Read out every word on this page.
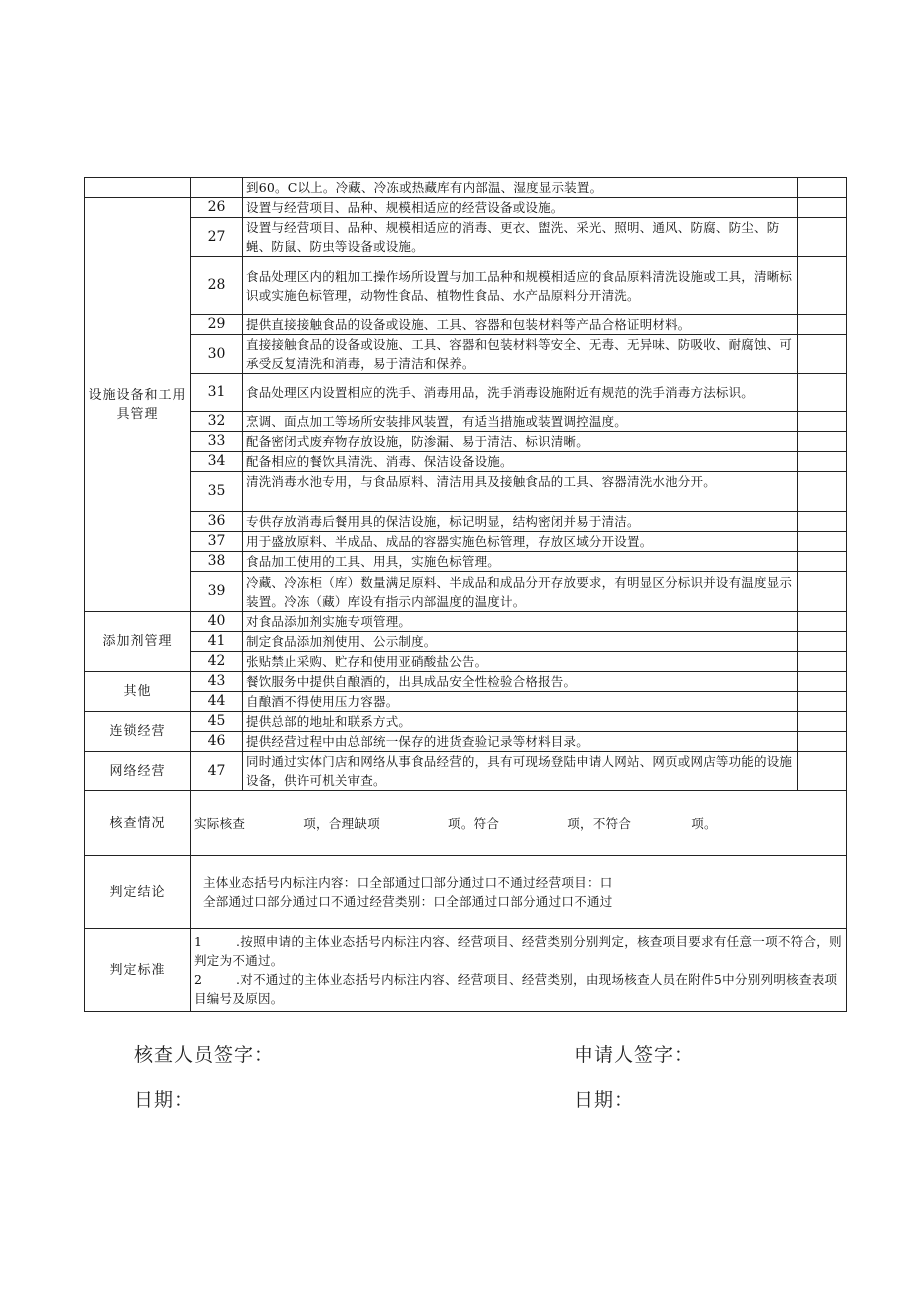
		到60。C以上。冷藏、冷冻或热藏库有内部温、湿度显示装置。	
设施设备和工用具管理	26	设置与经营项目、品种、规模相适应的经营设备或设施。	
	27	设置与经营项目、品种、规模相适应的消毒、更衣、盥洗、采光、照明、通风、防腐、防尘、防蝇、防鼠、防虫等设备或设施。	
	28	食品处理区内的粗加工操作场所设置与加工品种和规模相适应的食品原料清洗设施或工具，清晰标识或实施色标管理，动物性食品、植物性食品、水产品原料分开清洗。	
	29	提供直接接触食品的设备或设施、工具、容器和包装材料等产品合格证明材料。	
	30	直接接触食品的设备或设施、工具、容器和包装材料等安全、无毒、无异味、防吸收、耐腐蚀、可承受反复清洗和消毒，易于清洁和保养。	
	31	食品处理区内设置相应的洗手、消毒用品，洗手消毒设施附近有规范的洗手消毒方法标识。	
	32	烹调、面点加工等场所安装排风装置，有适当措施或装置调控温度。	
	33	配备密闭式废弃物存放设施，防渗漏、易于清洁、标识清晰。	
	34	配备相应的餐饮具清洗、消毒、保洁设备设施。	
	35	清洗消毒水池专用，与食品原料、清洁用具及接触食品的工具、容器清洗水池分开。	
	36	专供存放消毒后餐用具的保洁设施，标记明显，结构密闭并易于清洁。	
	37	用于盛放原料、半成品、成品的容器实施色标管理，存放区域分开设置。	
	38	食品加工使用的工具、用具，实施色标管理。	
	39	冷藏、冷冻柜（库）数量满足原料、半成品和成品分开存放要求，有明显区分标识并设有温度显示装置。冷冻（藏）库设有指示内部温度的温度计。	
添加剂管理	40	对食品添加剂实施专项管理。	
	41	制定食品添加剂使用、公示制度。	
	42	张贴禁止采购、贮存和使用亚硝酸盐公告。	
其他	43	餐饮服务中提供自酿酒的，出具成品安全性检验合格报告。	
	44	自酿酒不得使用压力容器。	
连锁经营	45	提供总部的地址和联系方式。	
	46	提供经营过程中由总部统一保存的进货查验记录等材料目录。	
网络经营	47	同时通过实体门店和网络从事食品经营的，具有可现场登陆申请人网站、网页或网店等功能的设施设备，供许可机关审查。	
核查情况	实际核查 项，合理缺项 项。符合 项，不符合 项。		
判定结论	主体业态括号内标注内容：口全部通过囗部分通过口不通过经营项目：口
全部通过口部分通过口不通过经营类别：口全部通过口部分通过口不通过		

判定标准	1 .按照申请的主体业态括号内标注内容、经营项目、经营类别分别判定，核查项目要求有任意一项不符合，则判定为不通过。
2 .对不通过的主体业态括号内标注内容、经营项目、经营类别，由现场核查人员在附件5中分别列明核查表项目编号及原因。		
核查人员签字：	申请人签字：
日期：	日期：
